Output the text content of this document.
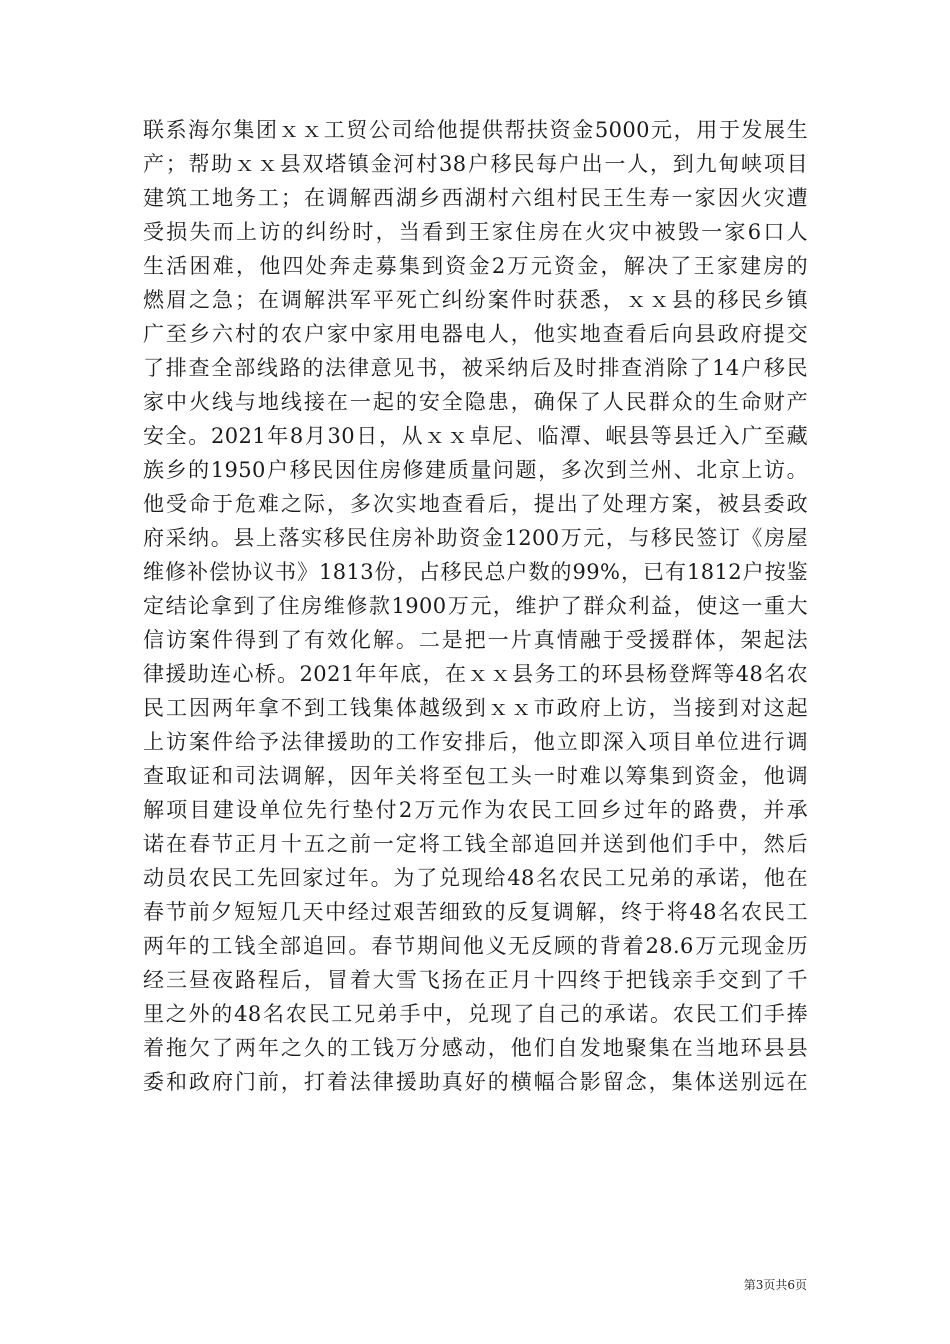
联系海尔集团ｘｘ工贸公司给他提供帮扶资金5000元，用于发展生
产；帮助ｘｘ县双塔镇金河村38户移民每户出一人，到九甸峡项目
建筑工地务工；在调解西湖乡西湖村六组村民王生寿一家因火灾遭
受损失而上访的纠纷时，当看到王家住房在火灾中被毁一家6口人
生活困难，他四处奔走募集到资金2万元资金，解决了王家建房的
燃眉之急；在调解洪军平死亡纠纷案件时获悉，ｘｘ县的移民乡镇
广至乡六村的农户家中家用电器电人，他实地查看后向县政府提交
了排查全部线路的法律意见书，被采纳后及时排查消除了14户移民
家中火线与地线接在一起的安全隐患，确保了人民群众的生命财产
安全。2021年8月30日，从ｘｘ卓尼、临潭、岷县等县迁入广至藏
族乡的1950户移民因住房修建质量问题，多次到兰州、北京上访。
他受命于危难之际，多次实地查看后，提出了处理方案，被县委政
府采纳。县上落实移民住房补助资金1200万元，与移民签订《房屋
维修补偿协议书》1813份，占移民总户数的99%，已有1812户按鉴
定结论拿到了住房维修款1900万元，维护了群众利益，使这一重大
信访案件得到了有效化解。二是把一片真情融于受援群体，架起法
律援助连心桥。2021年年底，在ｘｘ县务工的环县杨登辉等48名农
民工因两年拿不到工钱集体越级到ｘｘ市政府上访，当接到对这起
上访案件给予法律援助的工作安排后，他立即深入项目单位进行调
查取证和司法调解，因年关将至包工头一时难以筹集到资金，他调
解项目建设单位先行垫付2万元作为农民工回乡过年的路费，并承
诺在春节正月十五之前一定将工钱全部追回并送到他们手中，然后
动员农民工先回家过年。为了兑现给48名农民工兄弟的承诺，他在
春节前夕短短几天中经过艰苦细致的反复调解，终于将48名农民工
两年的工钱全部追回。春节期间他义无反顾的背着28.6万元现金历
经三昼夜路程后，冒着大雪飞扬在正月十四终于把钱亲手交到了千
里之外的48名农民工兄弟手中，兑现了自己的承诺。农民工们手捧
着拖欠了两年之久的工钱万分感动，他们自发地聚集在当地环县县
委和政府门前，打着法律援助真好的横幅合影留念，集体送别远在
第3页共6页
